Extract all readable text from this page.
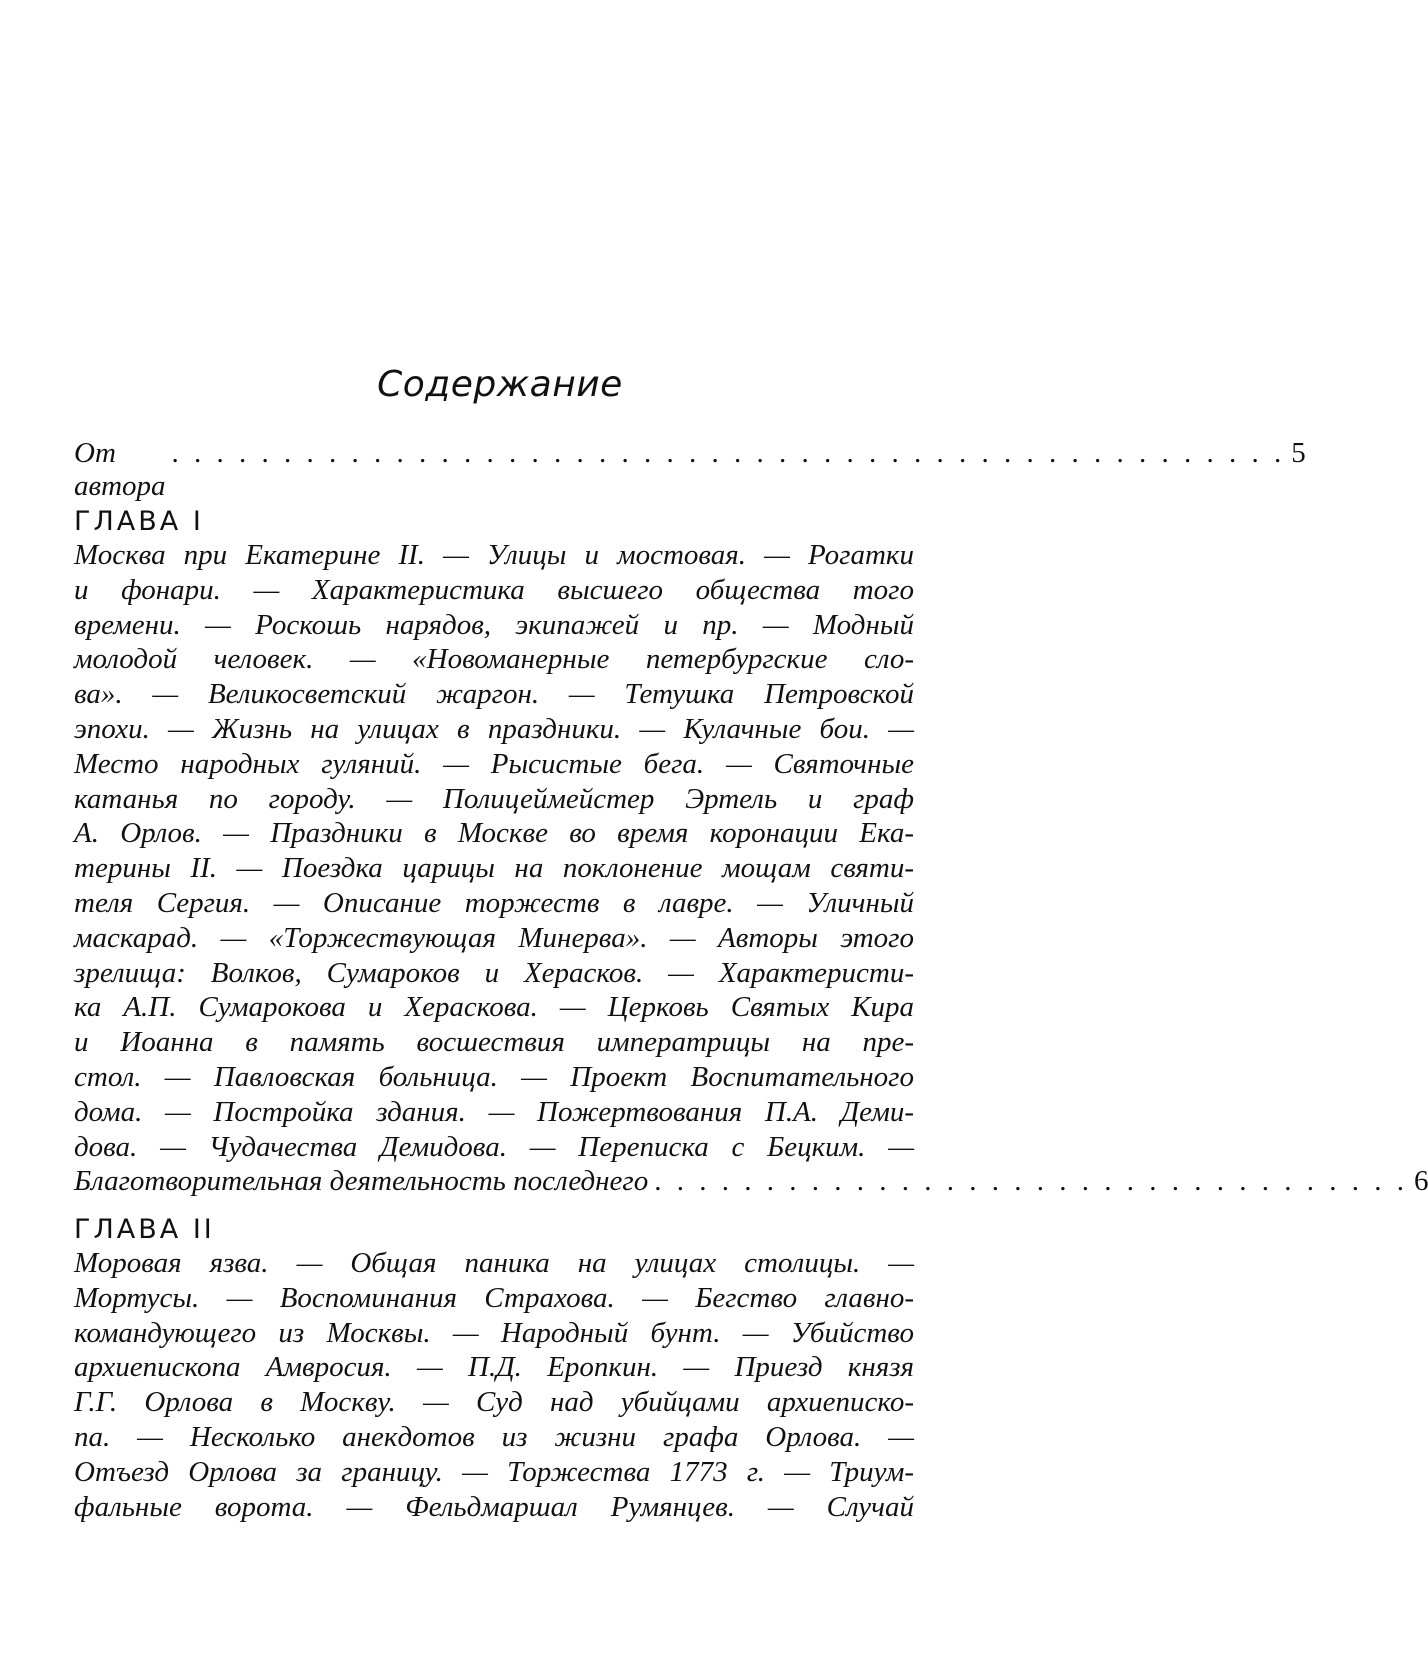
Содержание
От автора
. . . . . . . . . . . . . . . . . . . . . . . . . . . . . . . . . . . . . . . . . . . . . . . . . . 5
ГЛАВА I
Москва при Екатерине II. — Улицы и мостовая. — Рогатки
и фонари. — Характеристика высшего общества того
времени. — Роскошь нарядов, экипажей и пр. — Модный
молодой человек. — «Новоманерные петербургские сло-
ва». — Великосветский жаргон. — Тетушка Петровской
эпохи. — Жизнь на улицах в праздники. — Кулачные бои. —
Место народных гуляний. — Рысистые бега. — Святочные
катанья по городу. — Полицеймейстер Эртель и граф
А. Орлов. — Праздники в Москве во время коронации Ека-
терины II. — Поездка царицы на поклонение мощам святи-
теля Сергия. — Описание торжеств в лавре. — Уличный
маскарад. — «Торжествующая Минерва». — Авторы этого
зрелища: Волков, Сумароков и Херасков. — Характеристи-
ка А.П. Сумарокова и Хераскова. — Церковь Святых Кира
и Иоанна в память восшествия императрицы на пре-
стол. — Павловская больница. — Проект Воспитательного
дома. — Постройка здания. — Пожертвования П.А. Деми-
дова. — Чудачества Демидова. — Переписка с Бецким. —
Благотворительная деятельность последнего . . . . . . . . . . . . . . . . . . . . . . . . . . . . . . . . . . 6
ГЛАВА II
Моровая язва. — Общая паника на улицах столицы. —
Мортусы. — Воспоминания Страхова. — Бегство главно-
командующего из Москвы. — Народный бунт. — Убийство
архиепископа Амвросия. — П.Д. Еропкин. — Приезд князя
Г.Г. Орлова в Москву. — Суд над убийцами архиеписко-
па. — Несколько анекдотов из жизни графа Орлова. —
Отъезд Орлова за границу. — Торжества 1773 г. — Триум-
фальные ворота. — Фельдмаршал Румянцев. — Случай
